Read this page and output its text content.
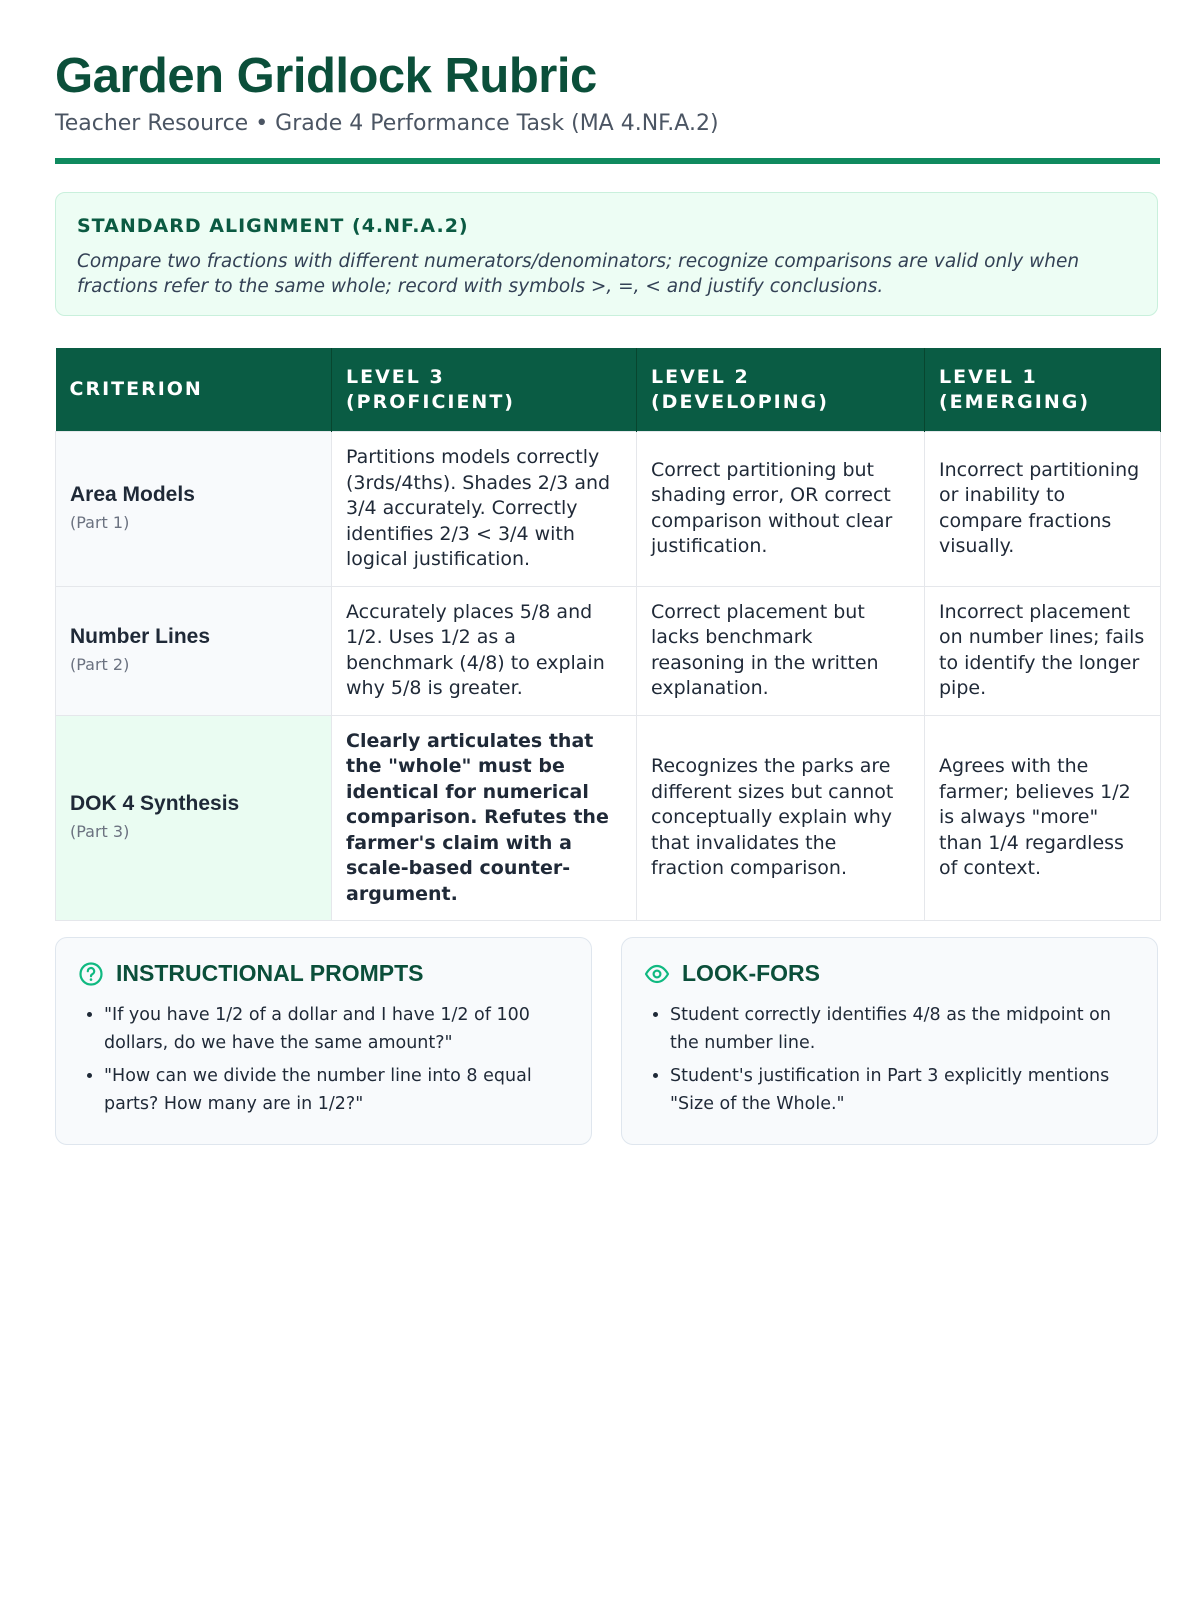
Garden Gridlock Rubric
Teacher Resource • Grade 4 Performance Task (MA 4.NF.A.2)
STANDARD ALIGNMENT (4.NF.A.2)
Compare two fractions with different numerators/denominators; recognize comparisons are valid only when fractions refer to the same whole; record with symbols >, =, < and justify conclusions.
CRITERION	LEVEL 3 (PROFICIENT)	LEVEL 2 (DEVELOPING)	LEVEL 1 (EMERGING)

Area Models
(Part 1)	Partitions models correctly (3rds/4ths). Shades 2/3 and 3/4 accurately. Correctly identifies 2/3 < 3/4 with logical justification.	Correct partitioning but shading error, OR correct comparison without clear justification.	Incorrect partitioning or inability to compare fractions visually.

Number Lines
(Part 2)	Accurately places 5/8 and 1/2. Uses 1/2 as a benchmark (4/8) to explain why 5/8 is greater.	Correct placement but lacks benchmark reasoning in the written explanation.	Incorrect placement on number lines; fails to identify the longer pipe.

DOK 4 Synthesis
(Part 3)	Clearly articulates that the "whole" must be identical for numerical comparison. Refutes the farmer's claim with a scale-based counter-argument.	Recognizes the parks are different sizes but cannot conceptually explain why that invalidates the fraction comparison.	Agrees with the farmer; believes 1/2 is always "more" than 1/4 regardless of context.
INSTRUCTIONAL PROMPTS
• "If you have 1/2 of a dollar and I have 1/2 of 100 dollars, do we have the same amount?"
• "How can we divide the number line into 8 equal parts? How many are in 1/2?"
LOOK-FORS
• Student correctly identifies 4/8 as the midpoint on the number line.
• Student's justification in Part 3 explicitly mentions "Size of the Whole."
